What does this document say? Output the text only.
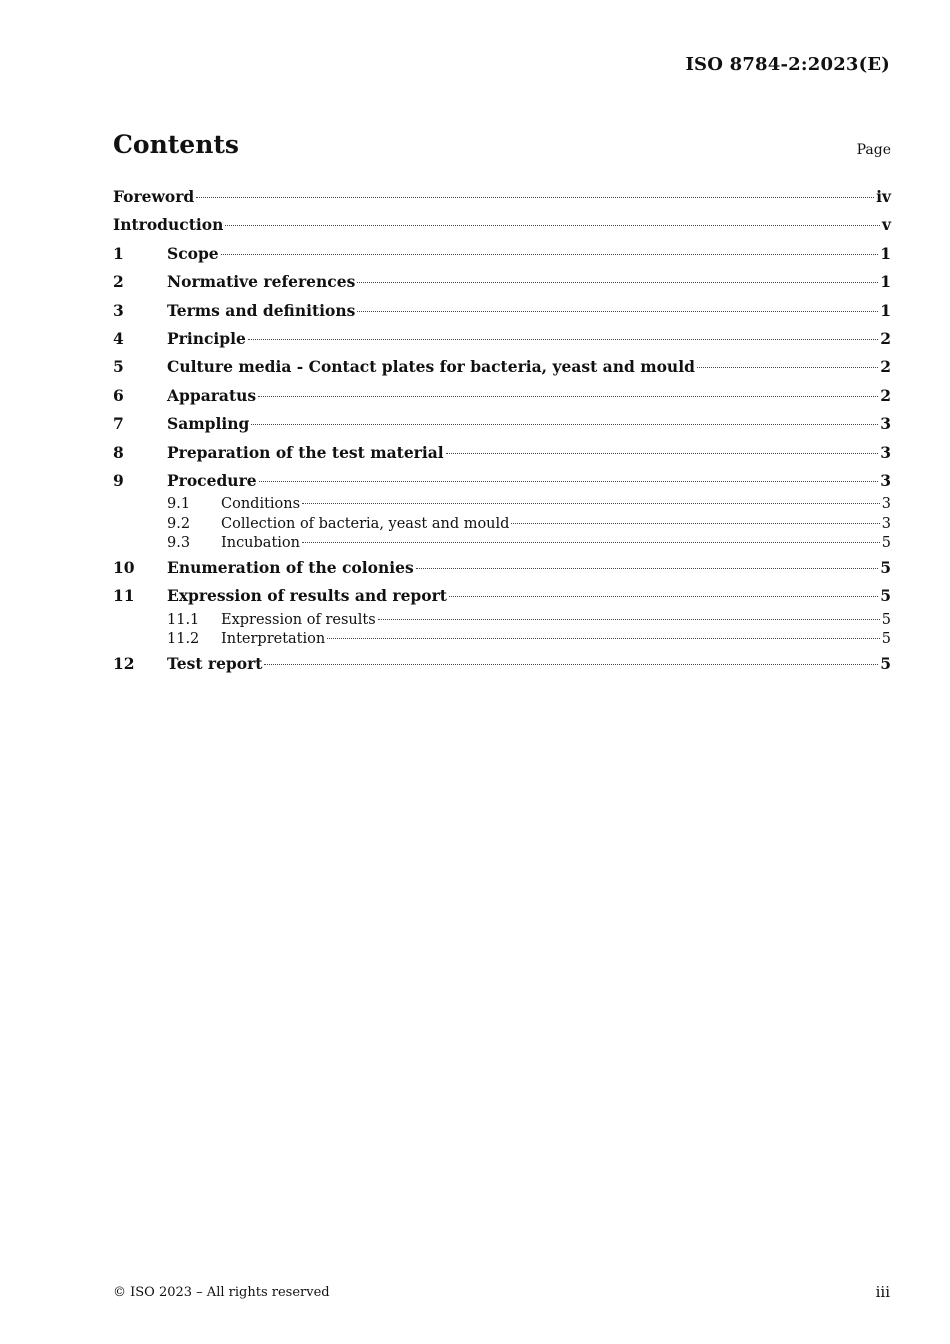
ISO 8784-2:2023(E)
Contents	Page
Foreword	iv
Introduction	v
1	Scope	1
2	Normative references	1
3	Terms and definitions	1
4	Principle	2
5	Culture media - Contact plates for bacteria, yeast and mould	2
6	Apparatus	2
7	Sampling	3
8	Preparation of the test material	3
9	Procedure	3
9.1	Conditions	3
9.2	Collection of bacteria, yeast and mould	3
9.3	Incubation	5
10	Enumeration of the colonies	5
11	Expression of results and report	5
11.1	Expression of results	5
11.2	Interpretation	5
12	Test report	5
© ISO 2023 – All rights reserved	iii
